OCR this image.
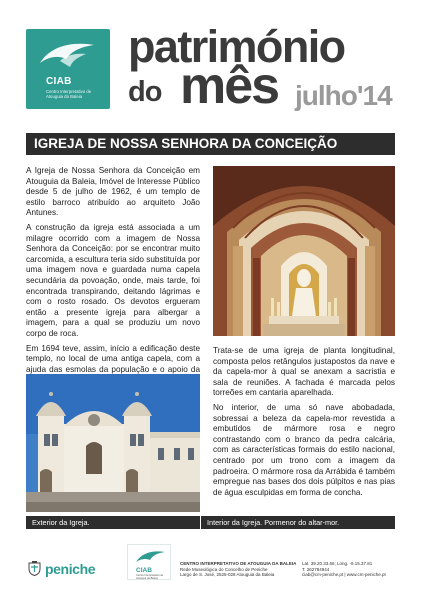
CIAB
Centro Interpretativo de Atouguia da Baleia
património
do mês julho'14
IGREJA DE NOSSA SENHORA DA CONCEIÇÃO

A Igreja de Nossa Senhora da Conceição em Atouguia da Baleia, Imóvel de Interesse Público desde 5 de julho de 1962, é um templo de estilo barroco atribuído ao arquiteto João Antunes.

A construção da igreja está associada a um milagre ocorrido com a imagem de Nossa Senhora da Conceição: por se encontrar muito carcomida, a escultura teria sido substituída por uma imagem nova e guardada numa capela secundária da povoação, onde, mais tarde, foi encontrada transpirando, deitando lágrimas e com o rosto rosado. Os devotos ergueram então a presente igreja para albergar a imagem, para a qual se produziu um novo corpo de roca.

Em 1694 teve, assim, início a edificação deste templo, no local de uma antiga capela, com a ajuda das esmolas da população e o apoio da

Trata-se de uma igreja de planta longitudinal, composta pelos retângulos justapostos da nave e da capela-mor à qual se anexam a sacristia e sala de reuniões. A fachada é marcada pelos torreões em cantaria aparelhada.

No interior, de uma só nave abobadada, sobressai a beleza da capela-mor revestida a embutidos de mármore rosa e negro contrastando com o branco da pedra calcária, com as características formais do estilo nacional, centrado por um trono com a imagem da padroeira. O mármore rosa da Arrábida é também empregue nas bases dos dois púlpitos e nas pias de água esculpidas em forma de concha.

Exterior da Igreja.	Interior da Igreja. Pormenor do altar-mor.
peniche	CIAB
Centro Interpretativo de Atouguia da Baleia
CENTRO INTERPRETATIVO DE ATOUGUIA DA BALEIA
Rede Museológica do Concelho de Peniche
Largo de S. José, 2525-028 Atouguia da Baleia
Lat. 39.20.33.66; Long. -9.15.37.81
T. 262784944
ciab@cm-peniche.pt | www.cm-peniche.pt
